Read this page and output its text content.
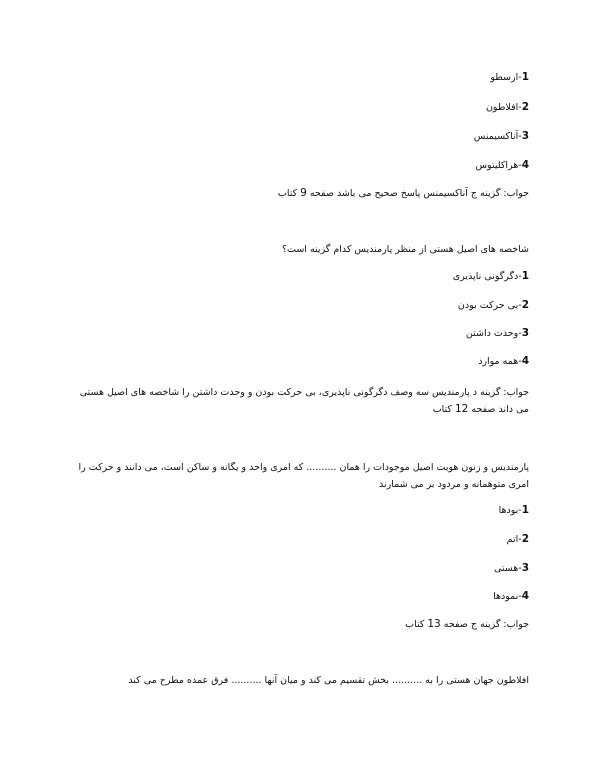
1-ارسطو

2-افلاطون

3-آناکسیمنس

4-هراکلیتوس

جواب: گزینه ج آناکسیمنس پاسخ صحیح می باشد صفحه 9 کتاب

شاخصه های اصیل هستی از منظر پارمندیس کدام گزینه است؟

1-دگرگونی ناپذیری

2-بی حرکت بودن

3-وحدت داشتن

4-همه موارد

جواب: گزینه د پارمندیس سه وصف دگرگونی ناپذیری، بی حرکت بودن و وحدت داشتن را شاخصه های اصیل هستی می داند صفحه 12 کتاب

پارمندیس و زنون هویت اصیل موجودات را همان .......... که امری واحد و یگانه و ساکن است، می دانند و حرکت را امری متوهمانه و مردود بر می شمارند

1-بودها

2-اتم

3-هستی

4-نمودها

جواب: گزینه ج صفحه 13 کتاب

افلاطون جهان هستی را به .......... بخش تقسیم می کند و میان آنها .......... فرق عمده مطرح می کند
